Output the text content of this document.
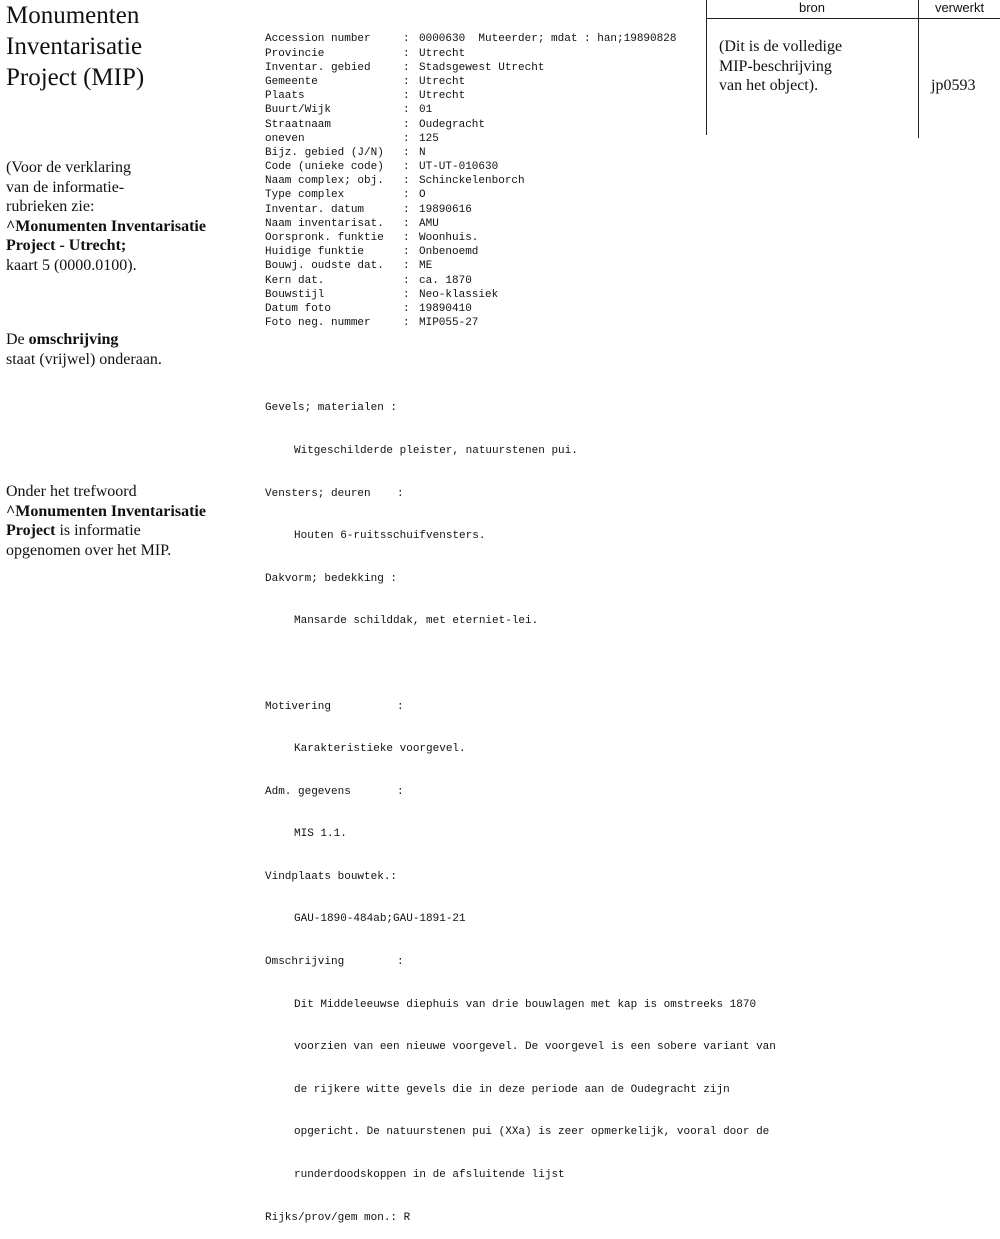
Monumenten
Inventarisatie
Project (MIP)
(Voor de verklaring
van de informatie-
rubrieken zie:
^Monumenten Inventarisatie
Project - Utrecht;
kaart 5 (0000.0100).
De omschrijving
staat (vrijwel) onderaan.
Onder het trefwoord
^Monumenten Inventarisatie
Project is informatie
opgenomen over het MIP.

Accession number	: 0000630  Muteerder; mdat : han;19890828
Provincie	: Utrecht
Inventar. gebied	: Stadsgewest Utrecht
Gemeente	: Utrecht
Plaats	: Utrecht
Buurt/Wijk	: 01
Straatnaam	: Oudegracht
oneven	: 125
Bijz. gebied (J/N) : N
Code (unieke code) : UT-UT-010630
Naam complex; obj. : Schinckelenborch
Type complex	: O
Inventar. datum	: 19890616
Naam inventarisat. : AMU
Oorspronk. funktie : Woonhuis.
Huidige funktie	: Onbenoemd
Bouwj. oudste dat. : ME
Kern dat.	: ca. 1870
Bouwstijl	: Neo-klassiek
Datum foto	: 19890410
Foto neg. nummer	: MIP055-27

Gevels; materialen :

Witgeschilderde pleister, natuurstenen pui.

Vensters; deuren    :

Houten 6-ruitsschuifvensters.

Dakvorm; bedekking :

Mansarde schilddak, met eterniet-lei.

Motivering          :

Karakteristieke voorgevel.

Adm. gegevens       :

MIS 1.1.

Vindplaats bouwtek.:

GAU-1890-484ab;GAU-1891-21

Omschrijving        :

Dit Middeleeuwse diephuis van drie bouwlagen met kap is omstreeks 1870

voorzien van een nieuwe voorgevel. De voorgevel is een sobere variant van

de rijkere witte gevels die in deze periode aan de Oudegracht zijn

opgericht. De natuurstenen pui (XXa) is zeer opmerkelijk, vooral door de

runderdoodskoppen in de afsluitende lijst

Rijks/prov/gem mon.: R

bron	verwerkt
(Dit is de volledige
MIP-beschrijving
van het object).	jp0593
